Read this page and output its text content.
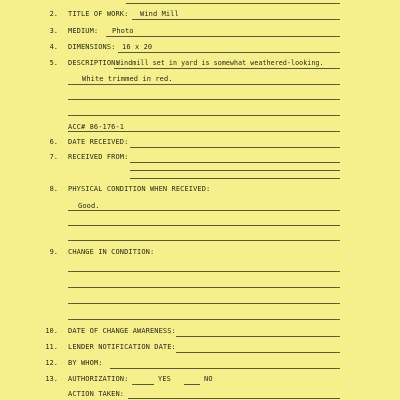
2. TITLE OF WORK: Wind Mill
3. MEDIUM: Photo
4. DIMENSIONS: 16 x 20
5. DESCRIPTION:
Windmill set in yard is somewhat weathered-looking.
White trimmed in red.
ACC# 86-176-1
6. DATE RECEIVED:
7. RECEIVED FROM:
8. PHYSICAL CONDITION WHEN RECEIVED:
Good.
9. CHANGE IN CONDITION:
10. DATE OF CHANGE AWARENESS:
11. LENDER NOTIFICATION DATE:
12. BY WHOM:
13. AUTHORIZATION:	YES	NO
ACTION TAKEN:
